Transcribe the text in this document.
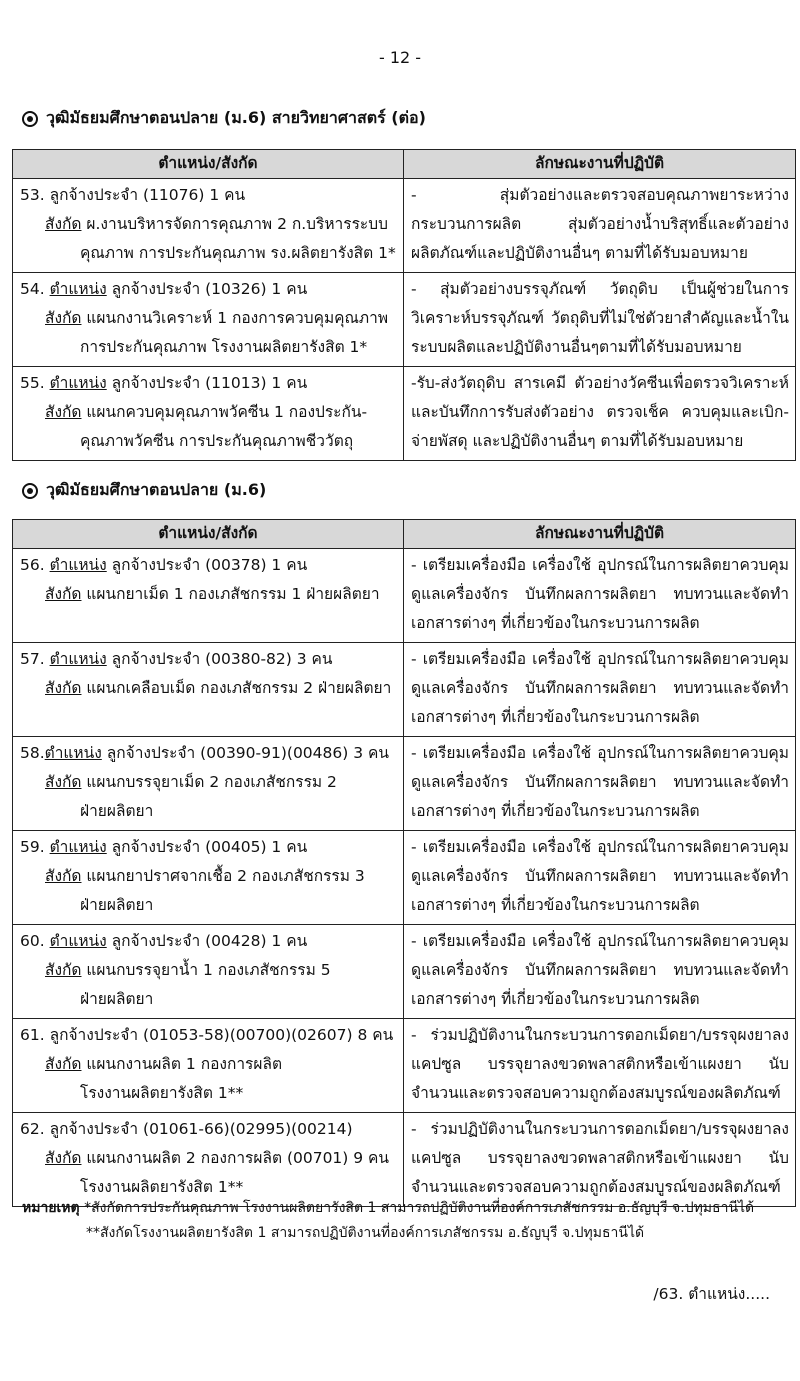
- 12 -
วุฒิมัธยมศึกษาตอนปลาย (ม.6) สายวิทยาศาสตร์ (ต่อ)
ตำแหน่ง/สังกัด	ลักษณะงานที่ปฏิบัติ

53. ลูกจ้างประจำ (11076) 1 คน
สังกัด ผ.งานบริหารจัดการคุณภาพ 2 ก.บริหารระบบ
คุณภาพ การประกันคุณภาพ รง.ผลิตยารังสิต 1*	- สุ่มตัวอย่างและตรวจสอบคุณภาพยาระหว่างกระบวนการผลิต สุ่มตัวอย่างน้ำบริสุทธิ์และตัวอย่างผลิตภัณฑ์และปฏิบัติงานอื่นๆ ตามที่ได้รับมอบหมาย

54. ตำแหน่ง ลูกจ้างประจำ (10326) 1 คน
สังกัด แผนกงานวิเคราะห์ 1 กองการควบคุมคุณภาพ
การประกันคุณภาพ โรงงานผลิตยารังสิต 1*	- สุ่มตัวอย่างบรรจุภัณฑ์ วัตถุดิบ เป็นผู้ช่วยในการวิเคราะห์บรรจุภัณฑ์ วัตถุดิบที่ไม่ใช่ตัวยาสำคัญและน้ำในระบบผลิตและปฏิบัติงานอื่นๆตามที่ได้รับมอบหมาย

55. ตำแหน่ง ลูกจ้างประจำ (11013) 1 คน
สังกัด แผนกควบคุมคุณภาพวัคซีน 1 กองประกัน-
คุณภาพวัคซีน การประกันคุณภาพชีววัตถุ	-รับ-ส่งวัตถุดิบ สารเคมี ตัวอย่างวัคซีนเพื่อตรวจวิเคราะห์และบันทึกการรับส่งตัวอย่าง ตรวจเช็ค ควบคุมและเบิก-จ่ายพัสดุ และปฏิบัติงานอื่นๆ ตามที่ได้รับมอบหมาย
วุฒิมัธยมศึกษาตอนปลาย (ม.6)
ตำแหน่ง/สังกัด	ลักษณะงานที่ปฏิบัติ

56. ตำแหน่ง ลูกจ้างประจำ (00378) 1 คน
สังกัด แผนกยาเม็ด 1 กองเภสัชกรรม 1 ฝ่ายผลิตยา	- เตรียมเครื่องมือ เครื่องใช้ อุปกรณ์ในการผลิตยาควบคุมดูแลเครื่องจักร บันทึกผลการผลิตยา ทบทวนและจัดทำเอกสารต่างๆ ที่เกี่ยวข้องในกระบวนการผลิต

57. ตำแหน่ง ลูกจ้างประจำ (00380-82) 3 คน
สังกัด แผนกเคลือบเม็ด กองเภสัชกรรม 2 ฝ่ายผลิตยา	- เตรียมเครื่องมือ เครื่องใช้ อุปกรณ์ในการผลิตยาควบคุมดูแลเครื่องจักร บันทึกผลการผลิตยา ทบทวนและจัดทำเอกสารต่างๆ ที่เกี่ยวข้องในกระบวนการผลิต

58.ตำแหน่ง ลูกจ้างประจำ (00390-91)(00486) 3 คน
สังกัด แผนกบรรจุยาเม็ด 2 กองเภสัชกรรม 2
ฝ่ายผลิตยา	- เตรียมเครื่องมือ เครื่องใช้ อุปกรณ์ในการผลิตยาควบคุมดูแลเครื่องจักร บันทึกผลการผลิตยา ทบทวนและจัดทำเอกสารต่างๆ ที่เกี่ยวข้องในกระบวนการผลิต

59. ตำแหน่ง ลูกจ้างประจำ (00405) 1 คน
สังกัด แผนกยาปราศจากเชื้อ 2 กองเภสัชกรรม 3
ฝ่ายผลิตยา	- เตรียมเครื่องมือ เครื่องใช้ อุปกรณ์ในการผลิตยาควบคุมดูแลเครื่องจักร บันทึกผลการผลิตยา ทบทวนและจัดทำเอกสารต่างๆ ที่เกี่ยวข้องในกระบวนการผลิต

60. ตำแหน่ง ลูกจ้างประจำ (00428) 1 คน
สังกัด แผนกบรรจุยาน้ำ 1 กองเภสัชกรรม 5
ฝ่ายผลิตยา	- เตรียมเครื่องมือ เครื่องใช้ อุปกรณ์ในการผลิตยาควบคุมดูแลเครื่องจักร บันทึกผลการผลิตยา ทบทวนและจัดทำเอกสารต่างๆ ที่เกี่ยวข้องในกระบวนการผลิต

61. ลูกจ้างประจำ (01053-58)(00700)(02607) 8 คน
สังกัด แผนกงานผลิต 1 กองการผลิต
โรงงานผลิตยารังสิต 1**	- ร่วมปฏิบัติงานในกระบวนการตอกเม็ดยา/บรรจุผงยาลงแคปซูล บรรจุยาลงขวดพลาสติกหรือเข้าแผงยา นับจำนวนและตรวจสอบความถูกต้องสมบูรณ์ของผลิตภัณฑ์

62. ลูกจ้างประจำ (01061-66)(02995)(00214)
สังกัด แผนกงานผลิต 2 กองการผลิต (00701) 9 คน
โรงงานผลิตยารังสิต 1**	- ร่วมปฏิบัติงานในกระบวนการตอกเม็ดยา/บรรจุผงยาลงแคปซูล บรรจุยาลงขวดพลาสติกหรือเข้าแผงยา นับจำนวนและตรวจสอบความถูกต้องสมบูรณ์ของผลิตภัณฑ์
หมายเหตุ *สังกัดการประกันคุณภาพ โรงงานผลิตยารังสิต 1 สามารถปฏิบัติงานที่องค์การเภสัชกรรม อ.ธัญบุรี จ.ปทุมธานีได้
**สังกัดโรงงานผลิตยารังสิต 1 สามารถปฏิบัติงานที่องค์การเภสัชกรรม อ.ธัญบุรี จ.ปทุมธานีได้
/63. ตำแหน่ง.....
